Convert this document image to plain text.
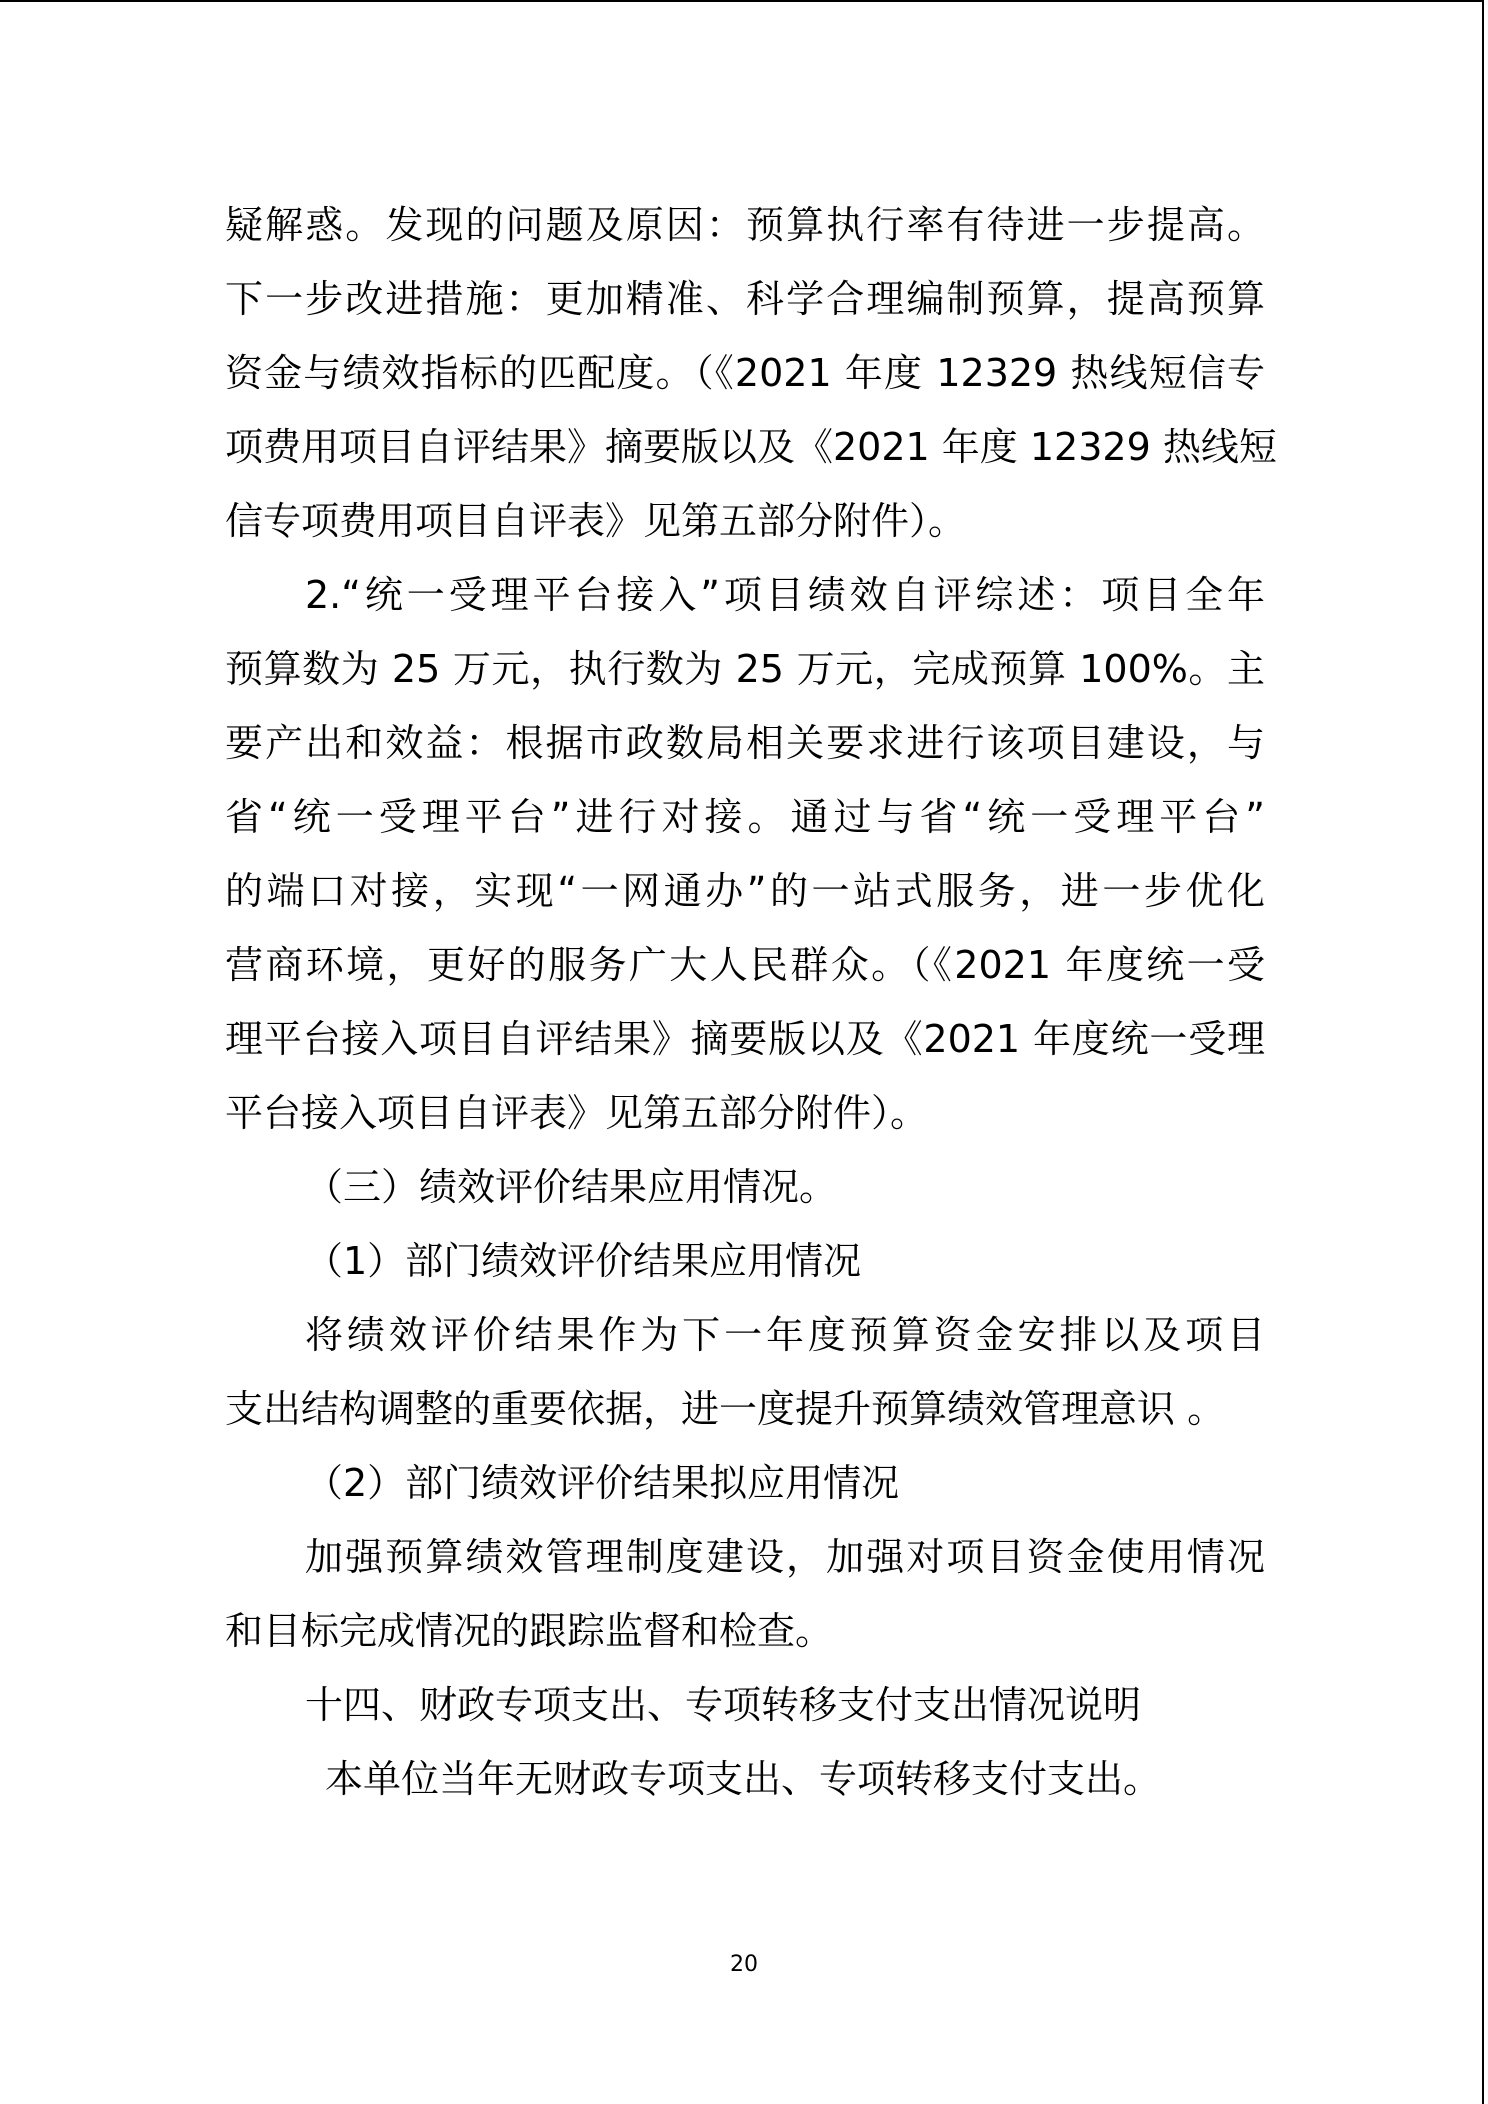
疑解惑。发现的问题及原因：预算执行率有待进一步提高。
下一步改进措施：更加精准、科学合理编制预算，提高预算
资金与绩效指标的匹配度。（《2021 年度 12329 热线短信专
项费用项目自评结果》摘要版以及《2021 年度 12329 热线短
信专项费用项目自评表》见第五部分附件）。
2.“统一受理平台接入”项目绩效自评综述：项目全年
预算数为 25 万元，执行数为 25 万元，完成预算 100%。主
要产出和效益：根据市政数局相关要求进行该项目建设，与
省“统一受理平台”进行对接。通过与省“统一受理平台”
的端口对接，实现“一网通办”的一站式服务，进一步优化
营商环境，更好的服务广大人民群众。（《2021 年度统一受
理平台接入项目自评结果》摘要版以及《2021 年度统一受理
平台接入项目自评表》见第五部分附件）。
（三）绩效评价结果应用情况。
（1）部门绩效评价结果应用情况
将绩效评价结果作为下一年度预算资金安排以及项目
支出结构调整的重要依据，进一度提升预算绩效管理意识 。
（2）部门绩效评价结果拟应用情况
加强预算绩效管理制度建设，加强对项目资金使用情况
和目标完成情况的跟踪监督和检查。
十四、财政专项支出、专项转移支付支出情况说明
本单位当年无财政专项支出、专项转移支付支出。
20
